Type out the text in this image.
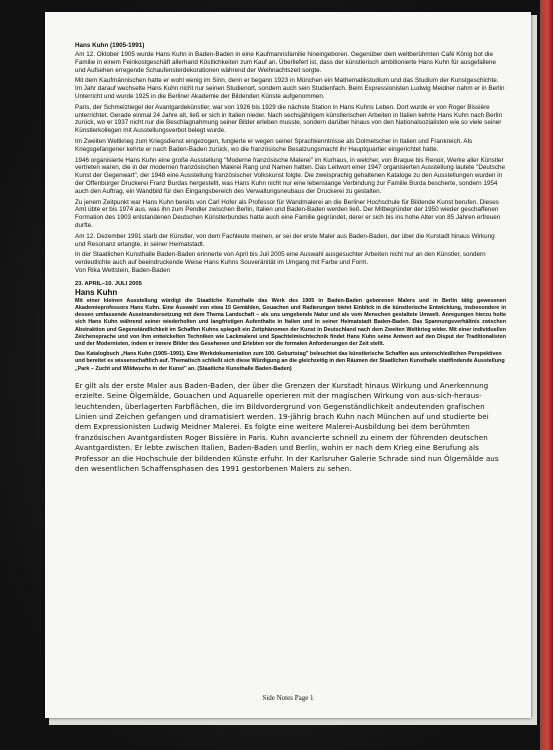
Hans Kuhn (1905-1991)

Am 12. Oktober 1905 wurde Hans Kuhn in Baden-Baden in eine Kaufmannsfamilie hineingeboren. Gegenüber dem weltberühmten Café König bot die Familie in einem Feinkostgeschäft allerhand Köstlichkeiten zum Kauf an. Überliefert ist, dass der künstlerisch ambitionierte Hans Kuhn für ausgefallene und Aufsehen erregende Schaufensterdekorationen während der Weihnachtszeit sorgte.

Mit dem Kaufmännischen hatte er wohl wenig im Sinn, denn er begann 1923 in München ein Mathematikstudium und das Studium der Kunstgeschichte. Im Jahr darauf wechselte Hans Kuhn nicht nur seinen Studienort, sondern auch sein Studienfach. Beim Expressionisten Ludwig Meidner nahm er in Berlin Unterricht und wurde 1925 in die Berliner Akademie der Bildenden Künste aufgenommen.

Paris, der Schmelztiegel der Avantgardekünstler, war von 1926 bis 1929 die nächste Station in Hans Kuhns Leben. Dort wurde er von Roger Bissière unterrichtet. Gerade einmal 24 Jahre alt, ließ er sich in Italien nieder. Nach sechsjährigem künstlerischen Arbeiten in Italien kehrte Hans Kuhn nach Berlin zurück, wo er 1937 nicht nur die Beschlagnahmung seiner Bilder erleben musste, sondern darüber hinaus von den Nationalsozialisten wie so viele seiner Künstlerkollegen mit Ausstellungsverbot belegt wurde.

Im Zweiten Weltkrieg zum Kriegsdienst eingezogen, fungierte er wegen seiner Sprachkenntnisse als Dolmetscher in Italien und Frankreich. Als Kriegsgefangener kehrte er nach Baden-Baden zurück, wo die französische Besatzungsmacht ihr Hauptquartier eingerichtet hatte.

1946 organisierte Hans Kuhn eine große Ausstellung "Moderne französische Malerei" im Kurhaus, in welcher, von Braque bis Renoir, Werke aller Künstler vertreten waren, die in der modernen französischen Malerei Rang und Namen hatten. Das Leitwort einer 1947 organisierten Ausstellung lautete "Deutsche Kunst der Gegenwart", der 1948 eine Ausstellung französischer Volkskunst folgte. Die zweisprachig gehaltenen Kataloge zu den Ausstellungen wurden in der Offenburger Druckerei Franz Burdas hergestellt, was Hans Kuhn nicht nur eine lebenslange Verbindung zur Familie Burda bescherte, sondern 1954 auch den Auftrag, ein Wandbild für den Eingangsbereich des Verwaltungsneubaus der Druckerei zu gestalten.

Zu jenem Zeitpunkt war Hans Kuhn bereits von Carl Hofer als Professor für Wandmalerei an die Berliner Hochschule für Bildende Kunst berufen. Dieses Amt übte er bis 1974 aus, was ihn zum Pendler zwischen Berlin, Italien und Baden-Baden werden ließ. Der Mitbegründer der 1950 wieder geschaffenen Formation des 1903 entstandenen Deutschen Künstlerbundes hatte auch eine Familie gegründet, derer er sich bis ins hohe Alter von 85 Jahren erfreuen durfte.

Am 12. Dezember 1991 starb der Künstler, von dem Fachleute meinen, er sei der erste Maler aus Baden-Baden, der über die Kurstadt hinaus Wirkung und Resonanz erlangte, in seiner Heimatstadt.

In der Staatlichen Kunsthalle Baden-Baden erinnerte von April bis Juli 2005 eine Auswahl ausgesuchter Arbeiten nicht nur an den Künstler, sondern verdeutlichte auch auf beeindruckende Weise Hans Kuhns Souveränität im Umgang mit Farbe und Form.

Von Rika Wettstein, Baden-Baden

23. APRIL–10. JULI 2005
Hans Kuhn

Mit einer kleinen Ausstellung würdigt die Staatliche Kunsthalle das Werk des 1905 in Baden-Baden geborenen Malers und in Berlin tätig gewesenen Akademieprofessors Hans Kuhn. Eine Auswahl von etwa 15 Gemälden, Gouachen und Radierungen bietet Einblick in die künstlerische Entwicklung, insbesondere in dessen umfassende Auseinandersetzung mit dem Thema Landschaft – als uns umgebende Natur und als vom Menschen gestaltete Umwelt. Anregungen hierzu holte sich Hans Kuhn während seiner wiederholten und langfristigen Aufenthalte in Italien und in seiner Heimatstadt Baden-Baden. Das Spannungsverhältnis zwischen Abstraktion und Gegenständlichkeit im Schaffen Kuhns spiegelt ein Zeitphänomen der Kunst in Deutschland nach dem Zweiten Weltkrieg wider. Mit einer individuellen Zeichensprache und von ihm entwickelten Techniken wie Lackmalerei und Spachtelmischtechnik findet Hans Kuhn seine Antwort auf den Disput der Traditionalisten und der Modernisten, indem er innere Bilder des Gesehenen und Erlebten vor die formalen Anforderungen der Zeit stellt.

Das Katalogbuch „Hans Kuhn (1905–1991). Eine Werkdokumentation zum 100. Geburtstag" beleuchtet das künstlerische Schaffen aus unterschiedlichen Perspektiven und bereitet es wissenschaftlich auf. Thematisch schließt sich diese Würdigung an die gleichzeitig in den Räumen der Staatlichen Kunsthalle stattfindende Ausstellung „Park – Zucht und Wildwuchs in der Kunst" an. (Staatliche Kunsthalle Baden-Baden)

Er gilt als der erste Maler aus Baden-Baden, der über die Grenzen der Kurstadt hinaus Wirkung und Anerkennung erzielte. Seine Ölgemälde, Gouachen und Aquarelle operieren mit der magischen Wirkung von aus-sich-heraus-leuchtenden, überlagerten Farbflächen, die im Bildvordergrund von Gegenständlichkeit andeutenden grafischen Linien und Zeichen gefangen und dramatisiert werden. 19-jährig brach Kuhn nach München auf und studierte bei dem Expressionisten Ludwig Meidner Malerei. Es folgte eine weitere Malerei-Ausbildung bei dem berühmten französischen Avantgardisten Roger Bissière in Paris. Kuhn avancierte schnell zu einem der führenden deutschen Avantgardisten. Er lebte zwischen Italien, Baden-Baden und Berlin, wohin er nach dem Krieg eine Berufung als Professor an die Hochschule der bildenden Künste erfuhr. In der Karlsruher Galerie Schrade sind nun Ölgemälde aus den wesentlichen Schaffensphasen des 1991 gestorbenen Malers zu sehen.

Side Notes Page 1
